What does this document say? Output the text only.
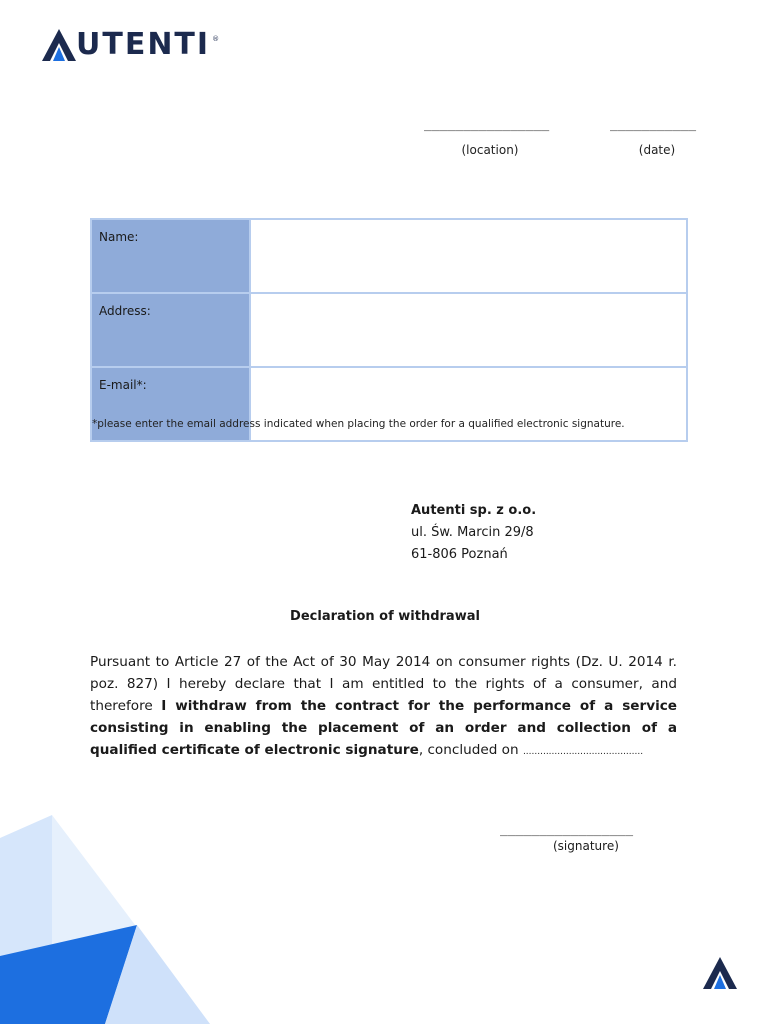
UTENTI ®
________________	___________
(location)	(date)
Name:	
Address:	
E-mail*:	
*please enter the email address indicated when placing the order for a qualified electronic signature.
Autenti sp. z o.o.
ul. Św. Marcin 29/8
61-806 Poznań
Declaration of withdrawal
Pursuant to Article 27 of the Act of 30 May 2014 on consumer rights (Dz. U. 2014 r. poz. 827) I hereby declare that I am entitled to the rights of a consumer, and therefore I withdraw from the contract for the performance of a service consisting in enabling the placement of an order and collection of a qualified certificate of electronic signature, concluded on ..........................................
_________________
(signature)
